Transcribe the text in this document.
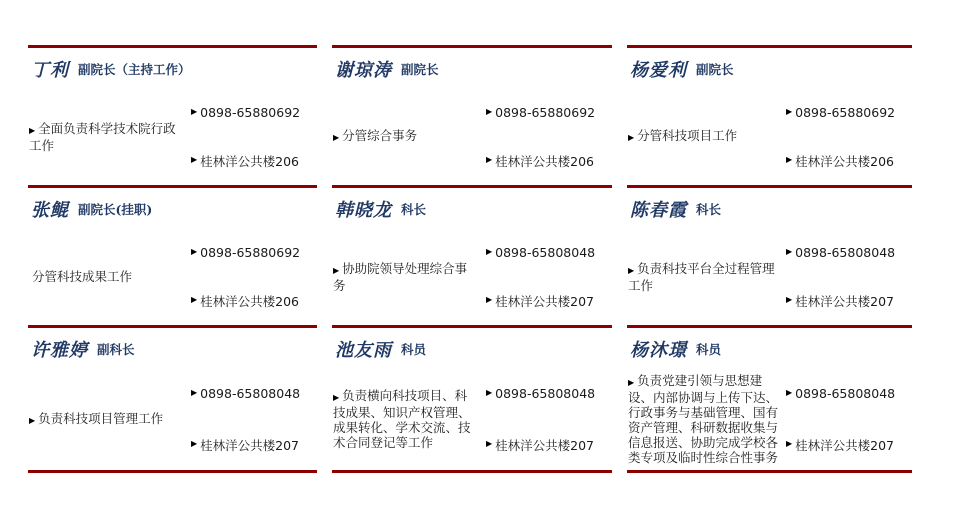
丁利 副院长（主持工作）
▶ 全面负责科学技术院行政工作
▶ 0898-65880692
▶ 桂林洋公共楼206
谢琼涛 副院长
▶ 分管综合事务
▶ 0898-65880692
▶ 桂林洋公共楼206
杨爱利 副院长
▶ 分管科技项目工作
▶ 0898-65880692
▶ 桂林洋公共楼206
张鲲 副院长(挂职)
分管科技成果工作
▶ 0898-65880692
▶ 桂林洋公共楼206
韩晓龙 科长
▶ 协助院领导处理综合事务
▶ 0898-65808048
▶ 桂林洋公共楼207
陈春霞 科长
▶ 负责科技平台全过程管理工作
▶ 0898-65808048
▶ 桂林洋公共楼207
许雅婷 副科长
▶ 负责科技项目管理工作
▶ 0898-65808048
▶ 桂林洋公共楼207
池友雨 科员
▶ 负责横向科技项目、科技成果、知识产权管理、成果转化、学术交流、技术合同登记等工作
▶ 0898-65808048
▶ 桂林洋公共楼207
杨沐璟 科员
▶ 负责党建引领与思想建设、内部协调与上传下达、行政事务与基础管理、国有资产管理、科研数据收集与信息报送、协助完成学校各类专项及临时性综合性事务
▶ 0898-65808048
▶ 桂林洋公共楼207
